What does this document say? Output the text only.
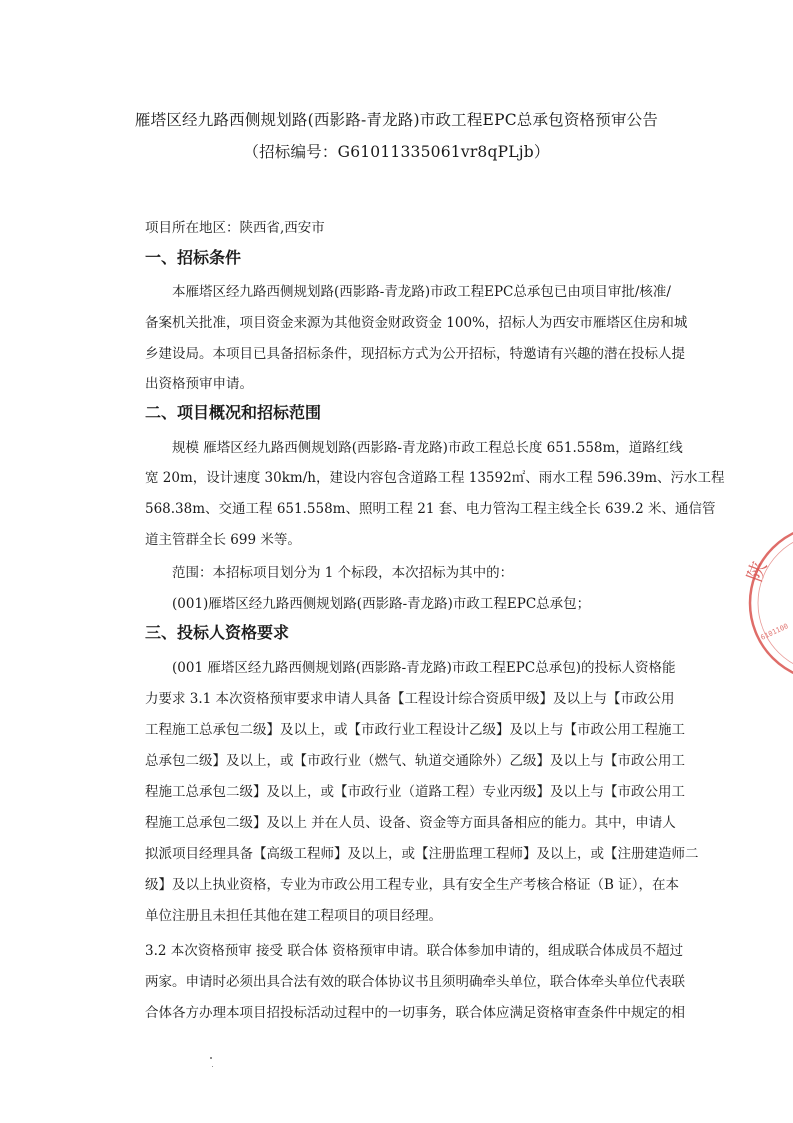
雁塔区经九路西侧规划路(西影路-青龙路)市政工程EPC总承包资格预审公告
（招标编号：G61011335061vr8qPLjb）
项目所在地区：陕西省,西安市
一、招标条件
本雁塔区经九路西侧规划路(西影路-青龙路)市政工程EPC总承包已由项目审批/核准/
备案机关批准，项目资金来源为其他资金财政资金 100%，招标人为西安市雁塔区住房和城
乡建设局。本项目已具备招标条件，现招标方式为公开招标，特邀请有兴趣的潜在投标人提
出资格预审申请。
二、项目概况和招标范围
规模 雁塔区经九路西侧规划路(西影路-青龙路)市政工程总长度 651.558m，道路红线
宽 20m，设计速度 30km/h，建设内容包含道路工程 13592㎡、雨水工程 596.39m、污水工程
568.38m、交通工程 651.558m、照明工程 21 套、电力管沟工程主线全长 639.2 米、通信管
道主管群全长 699 米等。
范围：本招标项目划分为 1 个标段，本次招标为其中的：
(001)雁塔区经九路西侧规划路(西影路-青龙路)市政工程EPC总承包；
三、投标人资格要求
(001 雁塔区经九路西侧规划路(西影路-青龙路)市政工程EPC总承包)的投标人资格能
力要求 3.1 本次资格预审要求申请人具备【工程设计综合资质甲级】及以上与【市政公用
工程施工总承包二级】及以上，或【市政行业工程设计乙级】及以上与【市政公用工程施工
总承包二级】及以上，或【市政行业（燃气、轨道交通除外）乙级】及以上与【市政公用工
程施工总承包二级】及以上，或【市政行业（道路工程）专业丙级】及以上与【市政公用工
程施工总承包二级】及以上 并在人员、设备、资金等方面具备相应的能力。其中，申请人
拟派项目经理具备【高级工程师】及以上，或【注册监理工程师】及以上，或【注册建造师二
级】及以上执业资格，专业为市政公用工程专业，具有安全生产考核合格证（B 证），在本
单位注册且未担任其他在建工程项目的项目经理。
3.2 本次资格预审 接受 联合体 资格预审申请。联合体参加申请的，组成联合体成员不超过
两家。申请时必须出具合法有效的联合体协议书且须明确牵头单位，联合体牵头单位代表联
合体各方办理本项目招投标活动过程中的一切事务，联合体应满足资格审查条件中规定的相
陕
6101100
